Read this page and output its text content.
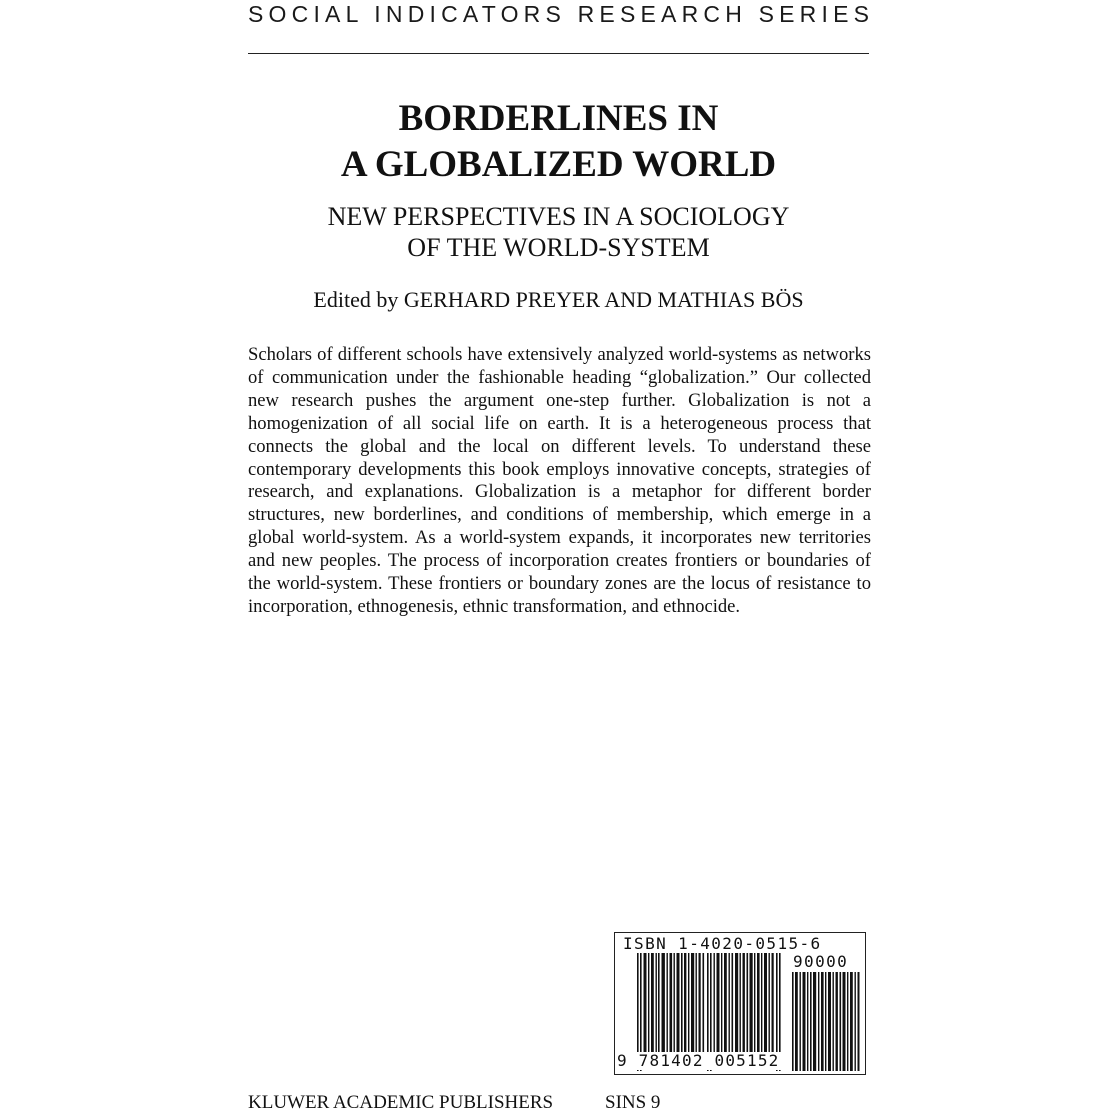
SOCIAL INDICATORS RESEARCH SERIES
BORDERLINES IN
A GLOBALIZED WORLD
NEW PERSPECTIVES IN A SOCIOLOGY
OF THE WORLD-SYSTEM
Edited by GERHARD PREYER AND MATHIAS BÖS
Scholars of different schools have extensively analyzed world-systems as networks of communication under the fashionable heading “globalization.” Our collected new research pushes the argument one-step further. Globalization is not a homogenization of all social life on earth. It is a heterogeneous process that connects the global and the local on different levels. To understand these contemporary developments this book employs innovative concepts, strategies of research, and explanations. Globalization is a metaphor for different border structures, new borderlines, and conditions of membership, which emerge in a global world-system. As a world-system expands, it incorporates new territories and new peoples. The process of incorporation creates frontiers or boundaries of the world-system. These frontiers or boundary zones are the locus of resistance to incorporation, ethnogenesis, ethnic transformation, and ethnocide.
ISBN 1-4020-0515-6
90000
9 781402 005152
KLUWER ACADEMIC PUBLISHERS	SINS 9
